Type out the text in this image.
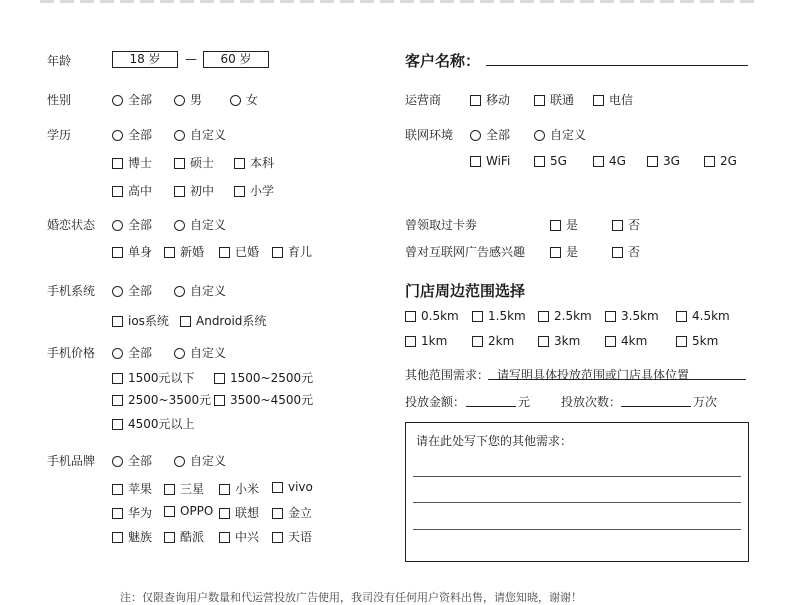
年龄	18 岁	—	60 岁
性别	全部	男	女
学历	全部	自定义
博士	硕士	本科
高中	初中	小学
婚恋状态	全部	自定义
单身	新婚	已婚	育儿
手机系统	全部	自定义
ios系统	Android系统
手机价格	全部	自定义
1500元以下	1500~2500元
2500~3500元	3500~4500元
4500元以上
手机品牌	全部	自定义
苹果	三星	小米	vivo
华为	OPPO	联想	金立
魅族	酷派	中兴	天语
客户名称：
运营商	移动	联通	电信
联网环境	全部	自定义
WiFi	5G	4G	3G	2G
曾领取过卡劵	是	否
曾对互联网广告感兴趣	是	否
门店周边范围选择
0.5km	1.5km	2.5km	3.5km	4.5km
1km	2km	3km	4km	5km
其他范围需求： 请写明具体投放范围或门店具体位置
投放金额：	元	投放次数：	万次
请在此处写下您的其他需求：
注：仅限查询用户数量和代运营投放广告使用，我司没有任何用户资料出售，请您知晓，谢谢！
